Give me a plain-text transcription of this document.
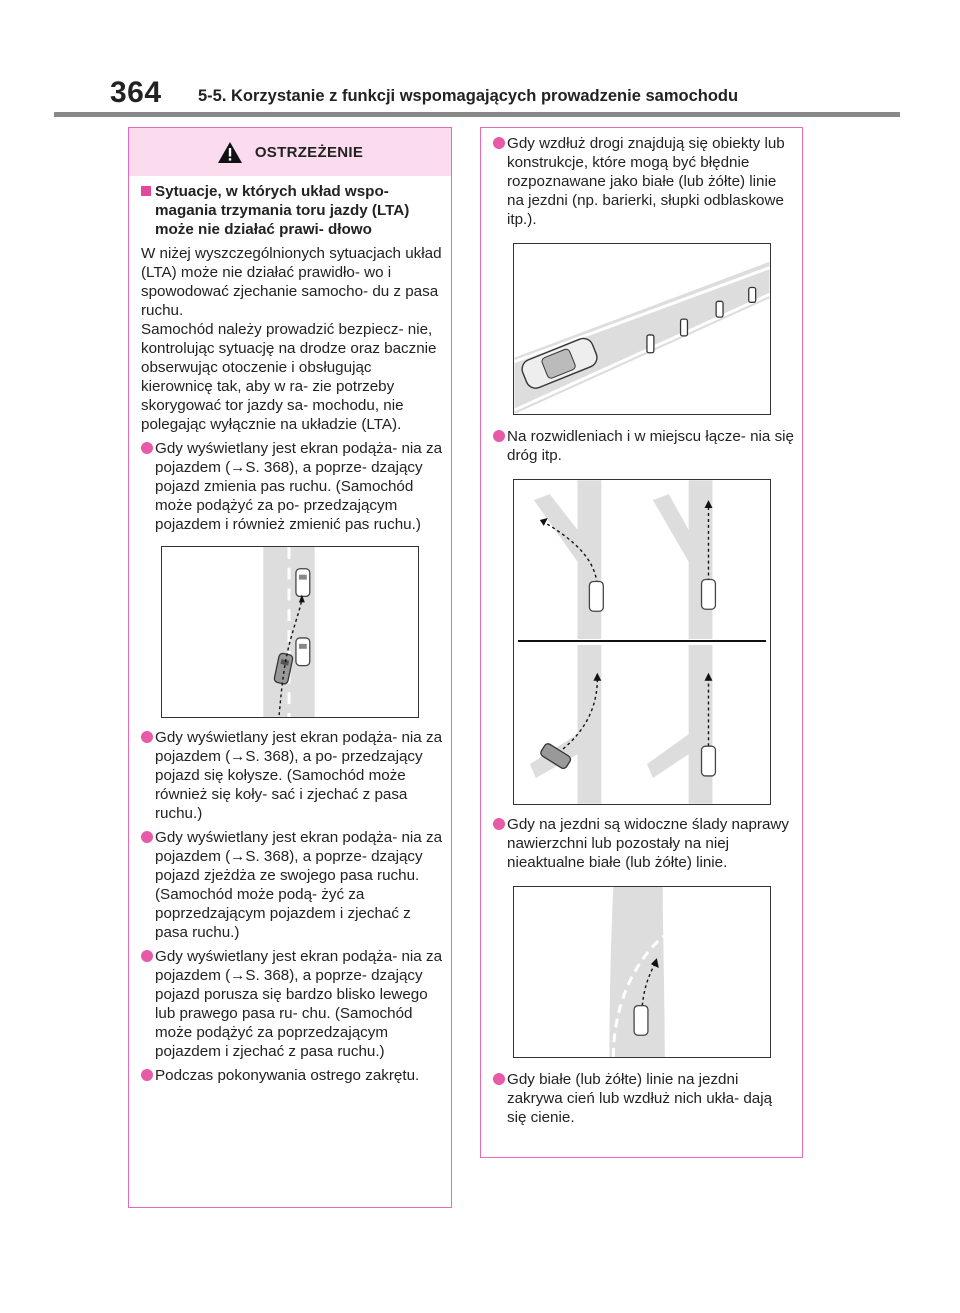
364 5-5. Korzystanie z funkcji wspomagających prowadzenie samochodu
OSTRZEŻENIE
Sytuacje, w których układ wspo- magania trzymania toru jazdy (LTA) może nie działać prawi- dłowo
W niżej wyszczególnionych sytuacjach układ (LTA) może nie działać prawidło- wo i spowodować zjechanie samocho- du z pasa ruchu.
Samochód należy prowadzić bezpiecz- nie, kontrolując sytuację na drodze oraz bacznie obserwując otoczenie i obsługując kierownicę tak, aby w ra- zie potrzeby skorygować tor jazdy sa- mochodu, nie polegając wyłącznie na układzie (LTA).
Gdy wyświetlany jest ekran podąża- nia za pojazdem (→S. 368), a poprze- dzający pojazd zmienia pas ruchu. (Samochód może podążyć za po- przedzającym pojazdem i również zmienić pas ruchu.)
Gdy wyświetlany jest ekran podąża- nia za pojazdem (→S. 368), a po- przedzający pojazd się kołysze. (Samochód może również się koły- sać i zjechać z pasa ruchu.)
Gdy wyświetlany jest ekran podąża- nia za pojazdem (→S. 368), a poprze- dzający pojazd zjeżdża ze swojego pasa ruchu. (Samochód może podą- żyć za poprzedzającym pojazdem i zjechać z pasa ruchu.)
Gdy wyświetlany jest ekran podąża- nia za pojazdem (→S. 368), a poprze- dzający pojazd porusza się bardzo blisko lewego lub prawego pasa ru- chu. (Samochód może podążyć za poprzedzającym pojazdem i zjechać z pasa ruchu.)
Podczas pokonywania ostrego zakrętu.
Gdy wzdłuż drogi znajdują się obiekty lub konstrukcje, które mogą być błędnie rozpoznawane jako białe (lub żółte) linie na jezdni (np. barierki, słupki odblaskowe itp.).
Na rozwidleniach i w miejscu łącze- nia się dróg itp.
Gdy na jezdni są widoczne ślady naprawy nawierzchni lub pozostały na niej nieaktualne białe (lub żółte) linie.
Gdy białe (lub żółte) linie na jezdni zakrywa cień lub wzdłuż nich ukła- dają się cienie.
